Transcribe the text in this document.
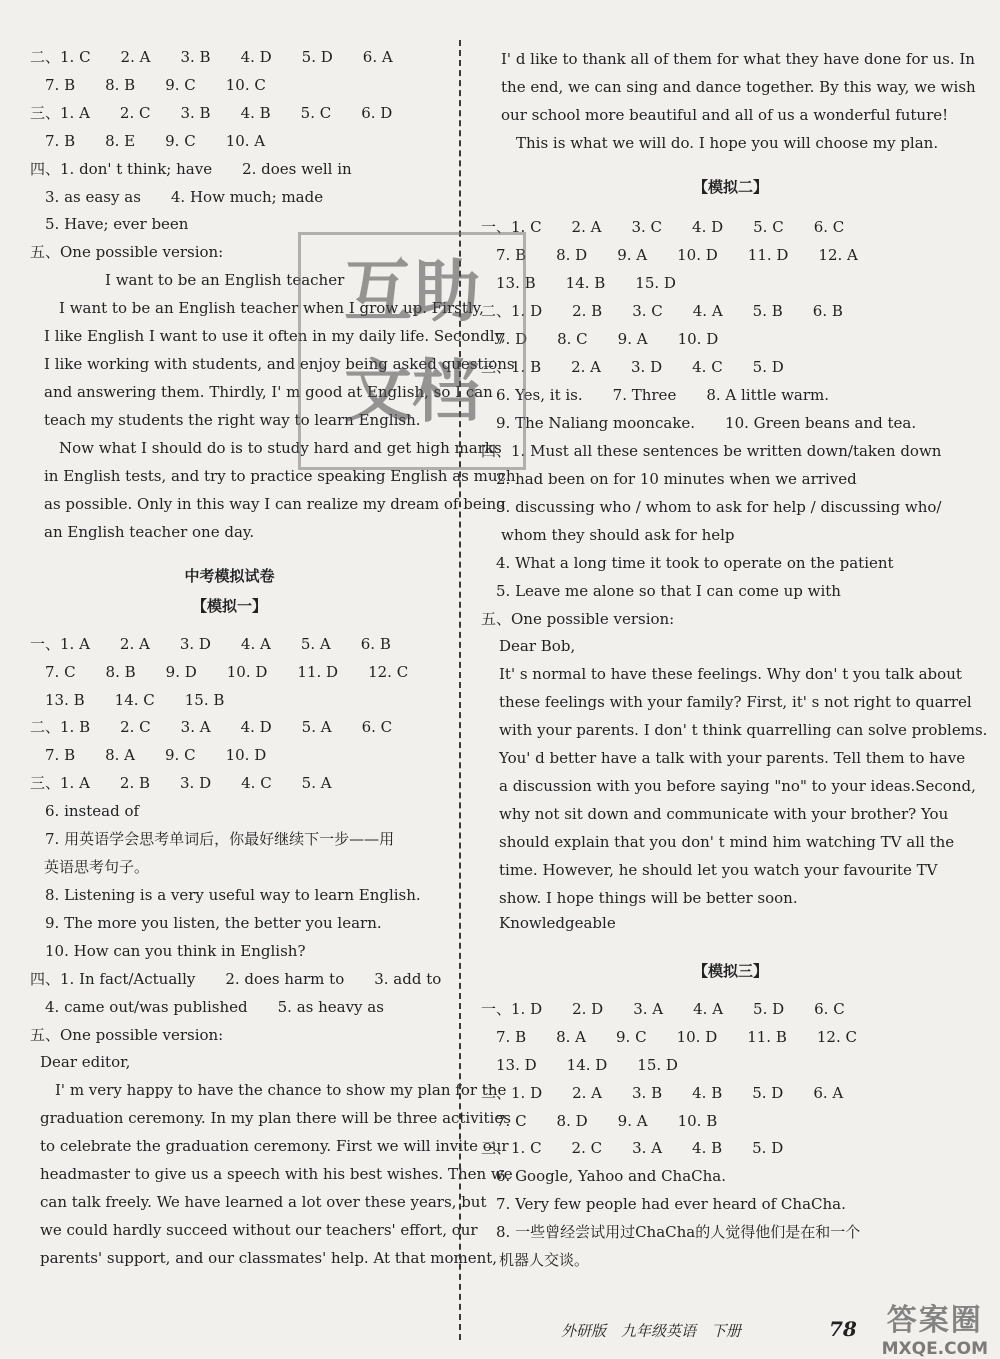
二、1. C　　2. A　　3. B　　4. D　　5. D　　6. A
　7. B　　8. B　　9. C　　10. C
三、1. A　　2. C　　3. B　　4. B　　5. C　　6. D
　7. B　　8. E　　9. C　　10. A
四、1. don' t think; have　　2. does well in
　3. as easy as　　4. How much; made
　5. Have; ever been
五、One possible version:
　　　　　I want to be an English teacher
　I want to be an English teacher when I grow up. Firstly,
I like English I want to use it often in my daily life. Secondly,
I like working with students, and enjoy being asked questions
and answering them. Thirdly, I' m good at English, so I can
teach my students the right way to learn English.
　Now what I should do is to study hard and get high marks
in English tests, and try to practice speaking English as much
as possible. Only in this way I can realize my dream of being
an English teacher one day.
中考模拟试卷
【模拟一】
一、1. A　　2. A　　3. D　　4. A　　5. A　　6. B
　7. C　　8. B　　9. D　　10. D　　11. D　　12. C
　13. B　　14. C　　15. B
二、1. B　　2. C　　3. A　　4. D　　5. A　　6. C
　7. B　　8. A　　9. C　　10. D
三、1. A　　2. B　　3. D　　4. C　　5. A
　6. instead of
　7. 用英语学会思考单词后，你最好继续下一步——用
英语思考句子。
　8. Listening is a very useful way to learn English.
　9. The more you listen, the better you learn.
　10. How can you think in English?
四、1. In fact/Actually　　2. does harm to　　3. add to
　4. came out/was published　　5. as heavy as
五、One possible version:
Dear editor,
　I' m very happy to have the chance to show my plan for the
graduation ceremony. In my plan there will be three activities
to celebrate the graduation ceremony. First we will invite our
headmaster to give us a speech with his best wishes. Then we
can talk freely. We have learned a lot over these years, but
we could hardly succeed without our teachers' effort, our
parents' support, and our classmates' help. At that moment,
I' d like to thank all of them for what they have done for us. In
the end, we can sing and dance together. By this way, we wish
our school more beautiful and all of us a wonderful future!
　This is what we will do. I hope you will choose my plan.
【模拟二】
一、1. C　　2. A　　3. C　　4. D　　5. C　　6. C
　7. B　　8. D　　9. A　　10. D　　11. D　　12. A
　13. B　　14. B　　15. D
二、1. D　　2. B　　3. C　　4. A　　5. B　　6. B
　7. D　　8. C　　9. A　　10. D
三、1. B　　2. A　　3. D　　4. C　　5. D
　6. Yes, it is.　　7. Three　　8. A little warm.
　9. The Naliang mooncake.　　10. Green beans and tea.
四、1. Must all these sentences be written down/taken down
　2. had been on for 10 minutes when we arrived
　3. discussing who / whom to ask for help / discussing who/
whom they should ask for help
　4. What a long time it took to operate on the patient
　5. Leave me alone so that I can come up with
五、One possible version:
Dear Bob,
It' s normal to have these feelings. Why don' t you talk about
these feelings with your family? First, it' s not right to quarrel
with your parents. I don' t think quarrelling can solve problems.
You' d better have a talk with your parents. Tell them to have
a discussion with you before saying "no" to your ideas.Second,
why not sit down and communicate with your brother? You
should explain that you don' t mind him watching TV all the
time. However, he should let you watch your favourite TV
show. I hope things will be better soon.
Knowledgeable
【模拟三】
一、1. D　　2. D　　3. A　　4. A　　5. D　　6. C
　7. B　　8. A　　9. C　　10. D　　11. B　　12. C
　13. D　　14. D　　15. D
二、1. D　　2. A　　3. B　　4. B　　5. D　　6. A
　7. C　　8. D　　9. A　　10. B
三、1. C　　2. C　　3. A　　4. B　　5. D
　6. Google, Yahoo and ChaCha.
　7. Very few people had ever heard of ChaCha.
　8. 一些曾经尝试用过ChaCha的人觉得他们是在和一个
机器人交谈。
外研版　九年级英语　下册	78
互助
文档
答案圈
MXQE.COM
